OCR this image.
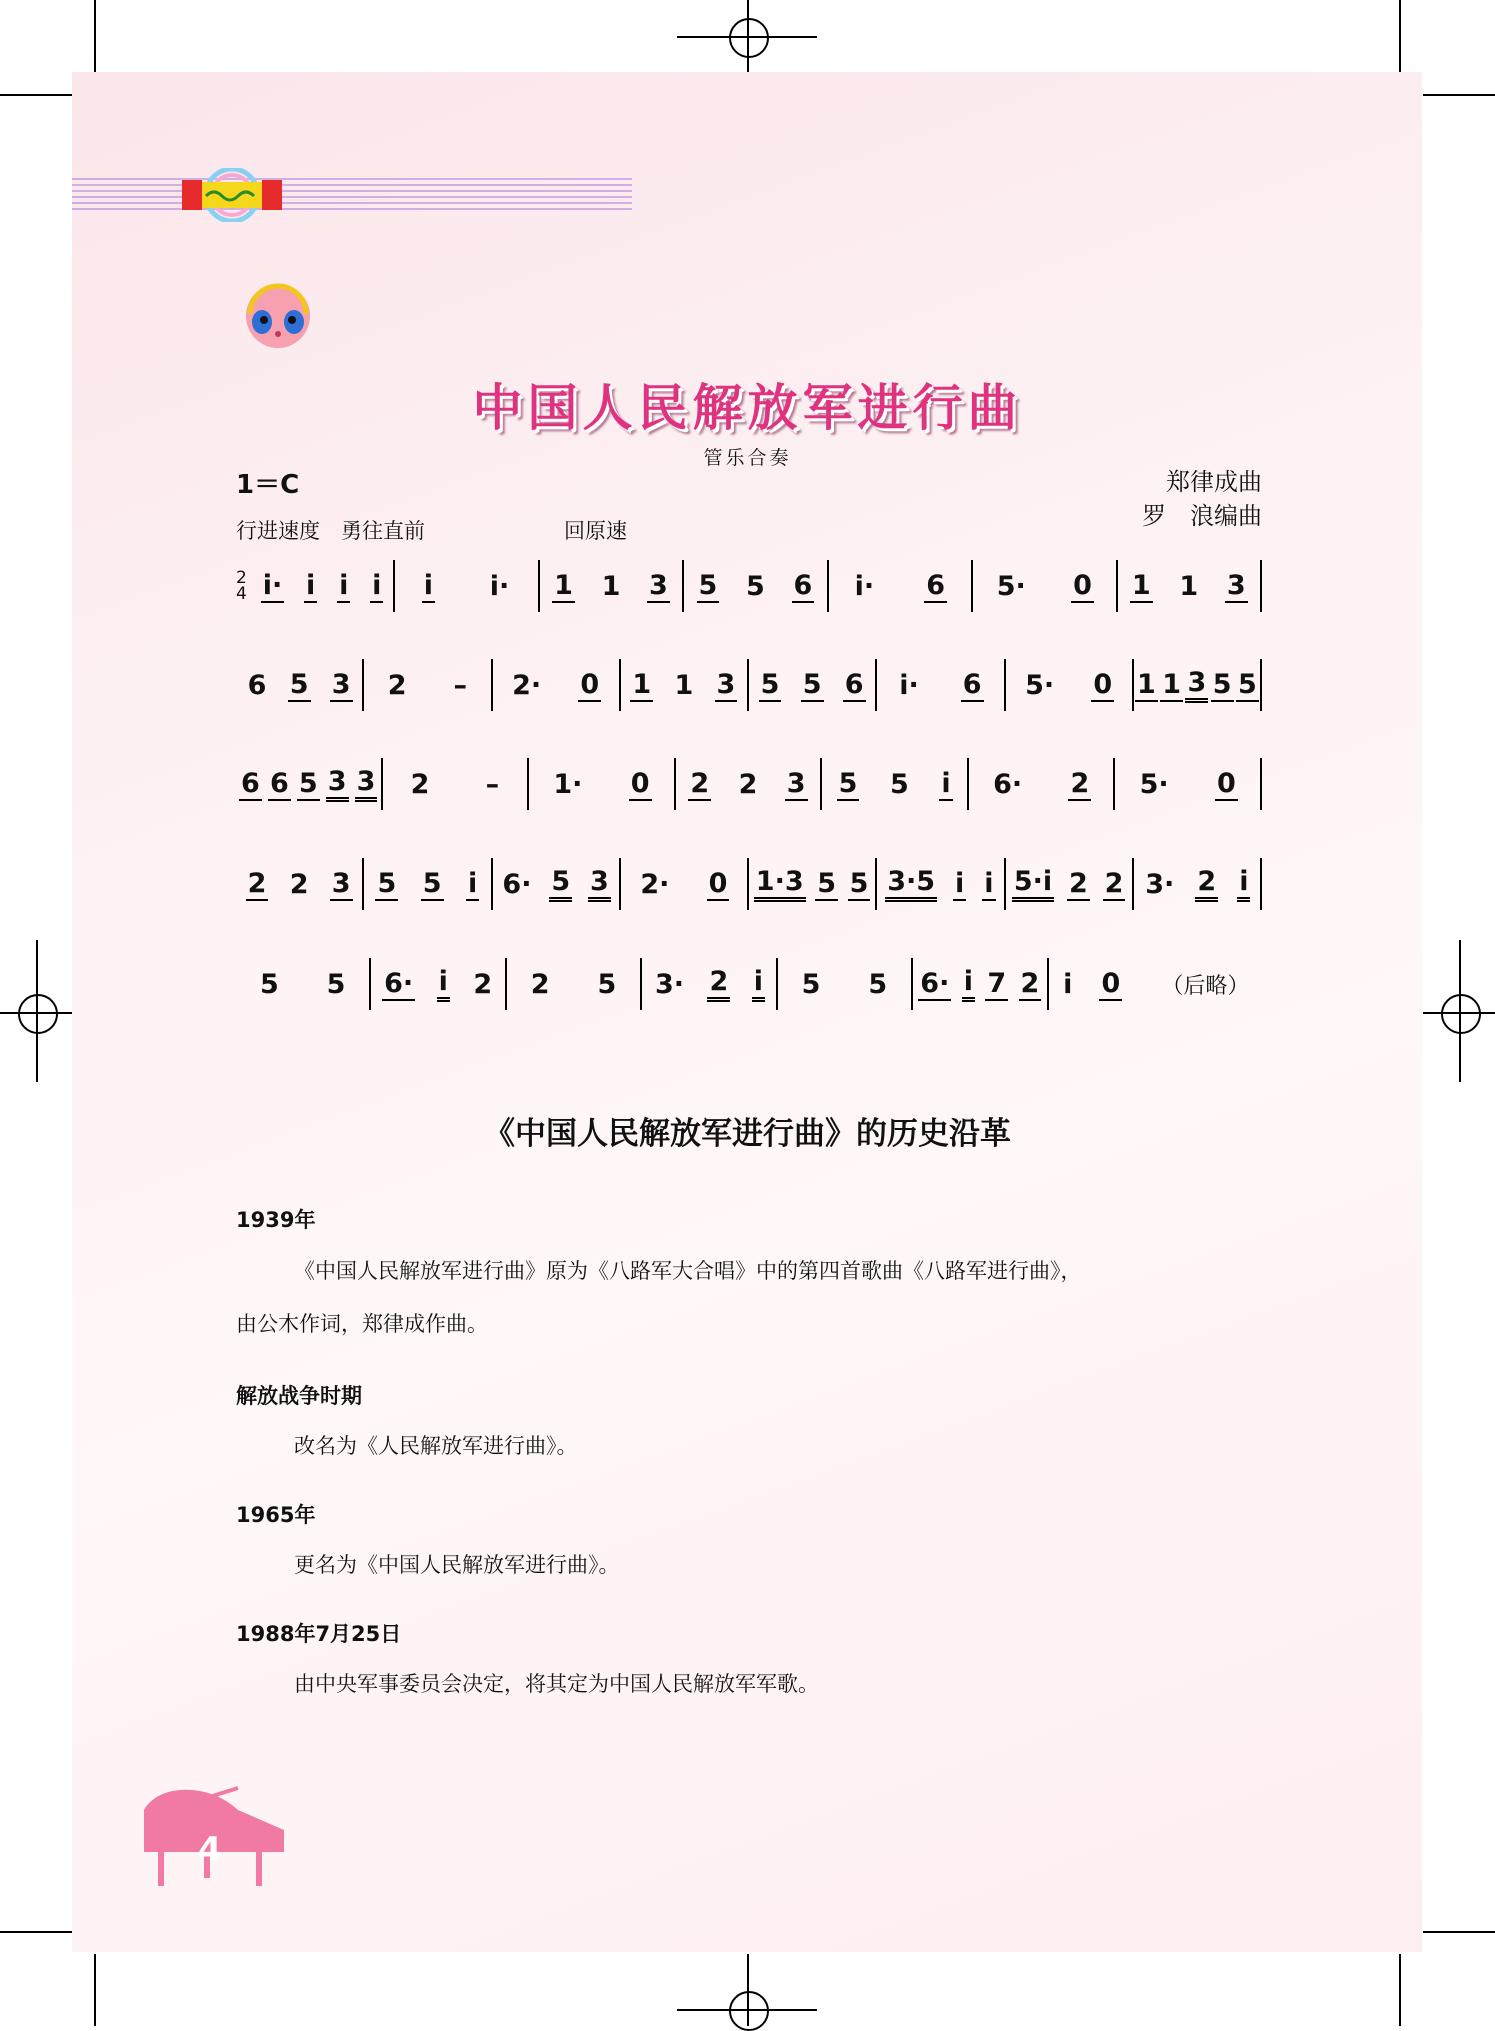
中国人民解放军进行曲
管乐合奏
1＝C	郑律成曲
罗　浪编曲
行进速度　勇往直前	回原速
2
4 i· i i i i i· 1 1 3 5 5 6 i· 6 5· 0 1 1 3
6 5 3 2 – 2· 0 1 1 3 5 5 6 i· 6 5· 0 1 1 3 5 5
6 6 5 3 3 2 – 1· 0 2 2 3 5 5 i 6· 2 5· 0
2 2 3 5 5 i 6· 5 3 2· 0 1·3 5 5 3·5 i i 5·i 2 2 3· 2 i
5 5 6· i 2 2 5 3· 2 i 5 5 6· i 7 2 i 0 （后略）
《中国人民解放军进行曲》的历史沿革
1939年
《中国人民解放军进行曲》原为《八路军大合唱》中的第四首歌曲《八路军进行曲》，
由公木作词，郑律成作曲。
解放战争时期
改名为《人民解放军进行曲》。
1965年
更名为《中国人民解放军进行曲》。
1988年7月25日
由中央军事委员会决定，将其定为中国人民解放军军歌。
4
